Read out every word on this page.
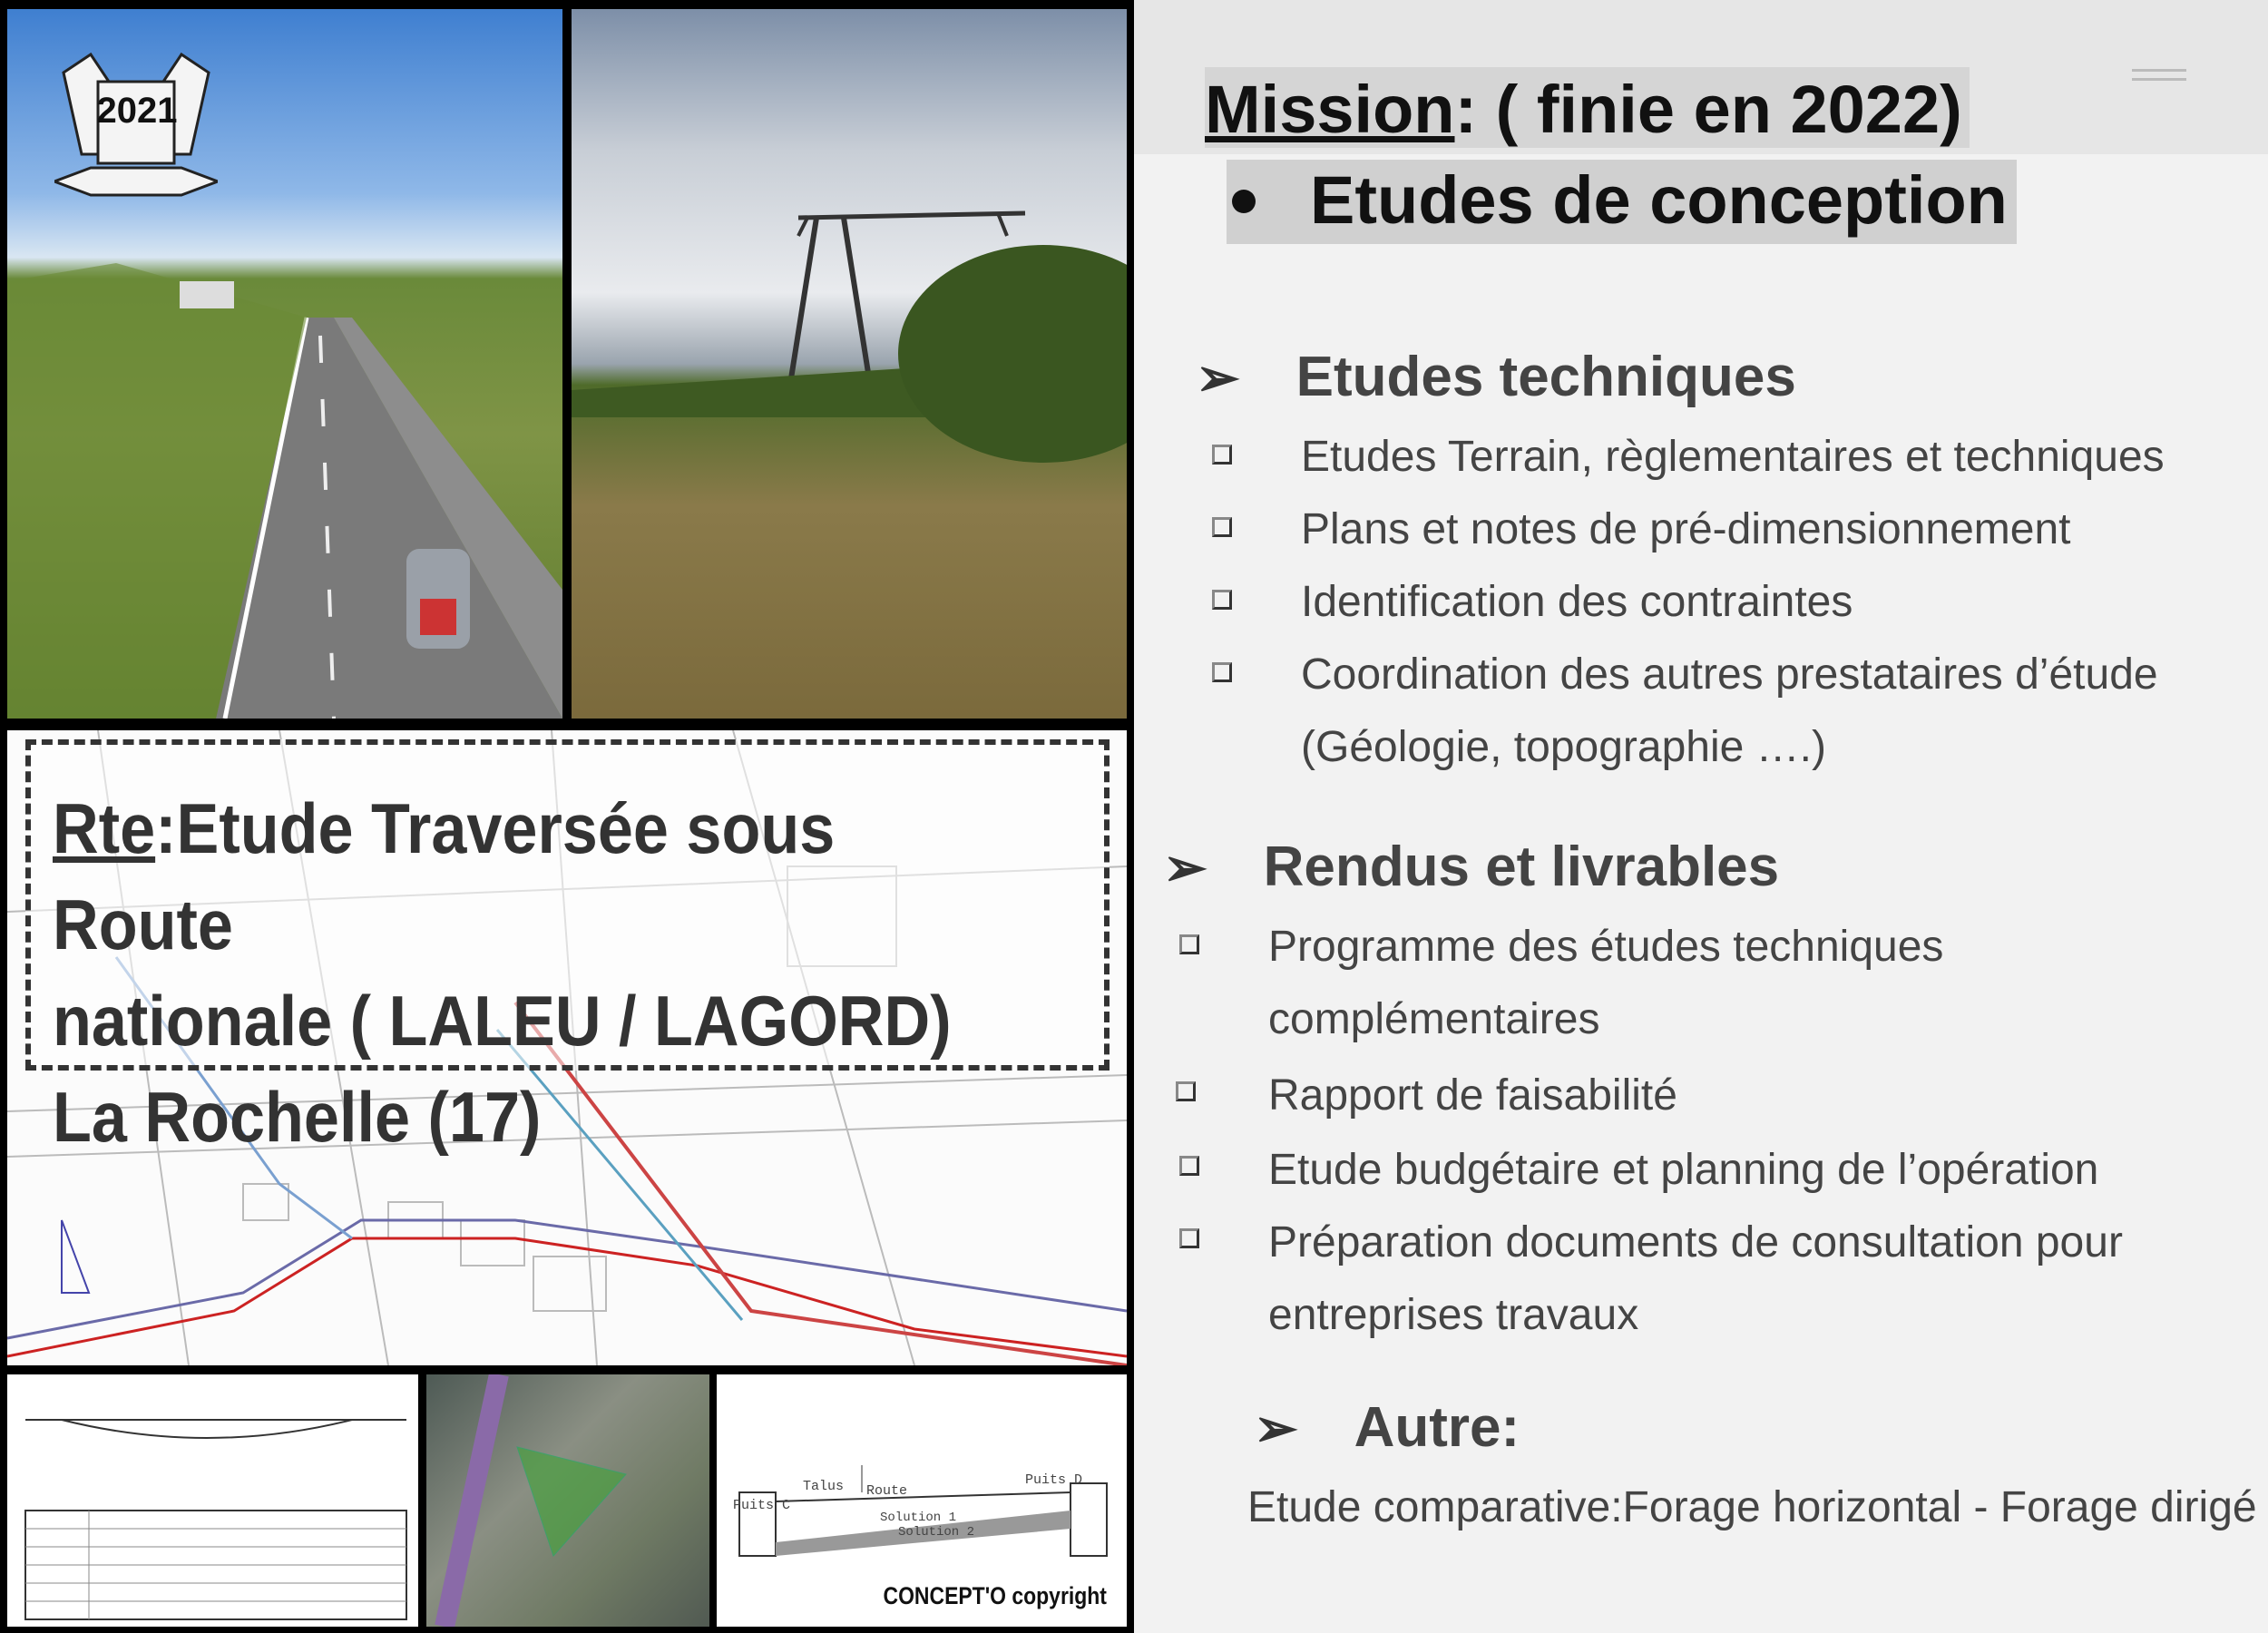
2021
Talus Route
Puits C
Puits D
Solution 1
Solution 2
CONCEPT'O copyright
Rte:Etude Traversée sous Route
nationale ( LALEU / LAGORD)
La Rochelle (17)
Mission: ( finie en 2022)
Etudes de conception
➢ Etudes techniques
Etudes Terrain, règlementaires et techniques
Plans et notes de pré-dimensionnement
Identification des contraintes
Coordination des autres prestataires d’étude
(Géologie, topographie ….)
➢ Rendus et livrables
Programme des études techniques
complémentaires
Rapport de faisabilité
Etude budgétaire et planning de l’opération
Préparation documents de consultation pour
entreprises travaux
➢ Autre:
Etude comparative:Forage horizontal - Forage dirigé
